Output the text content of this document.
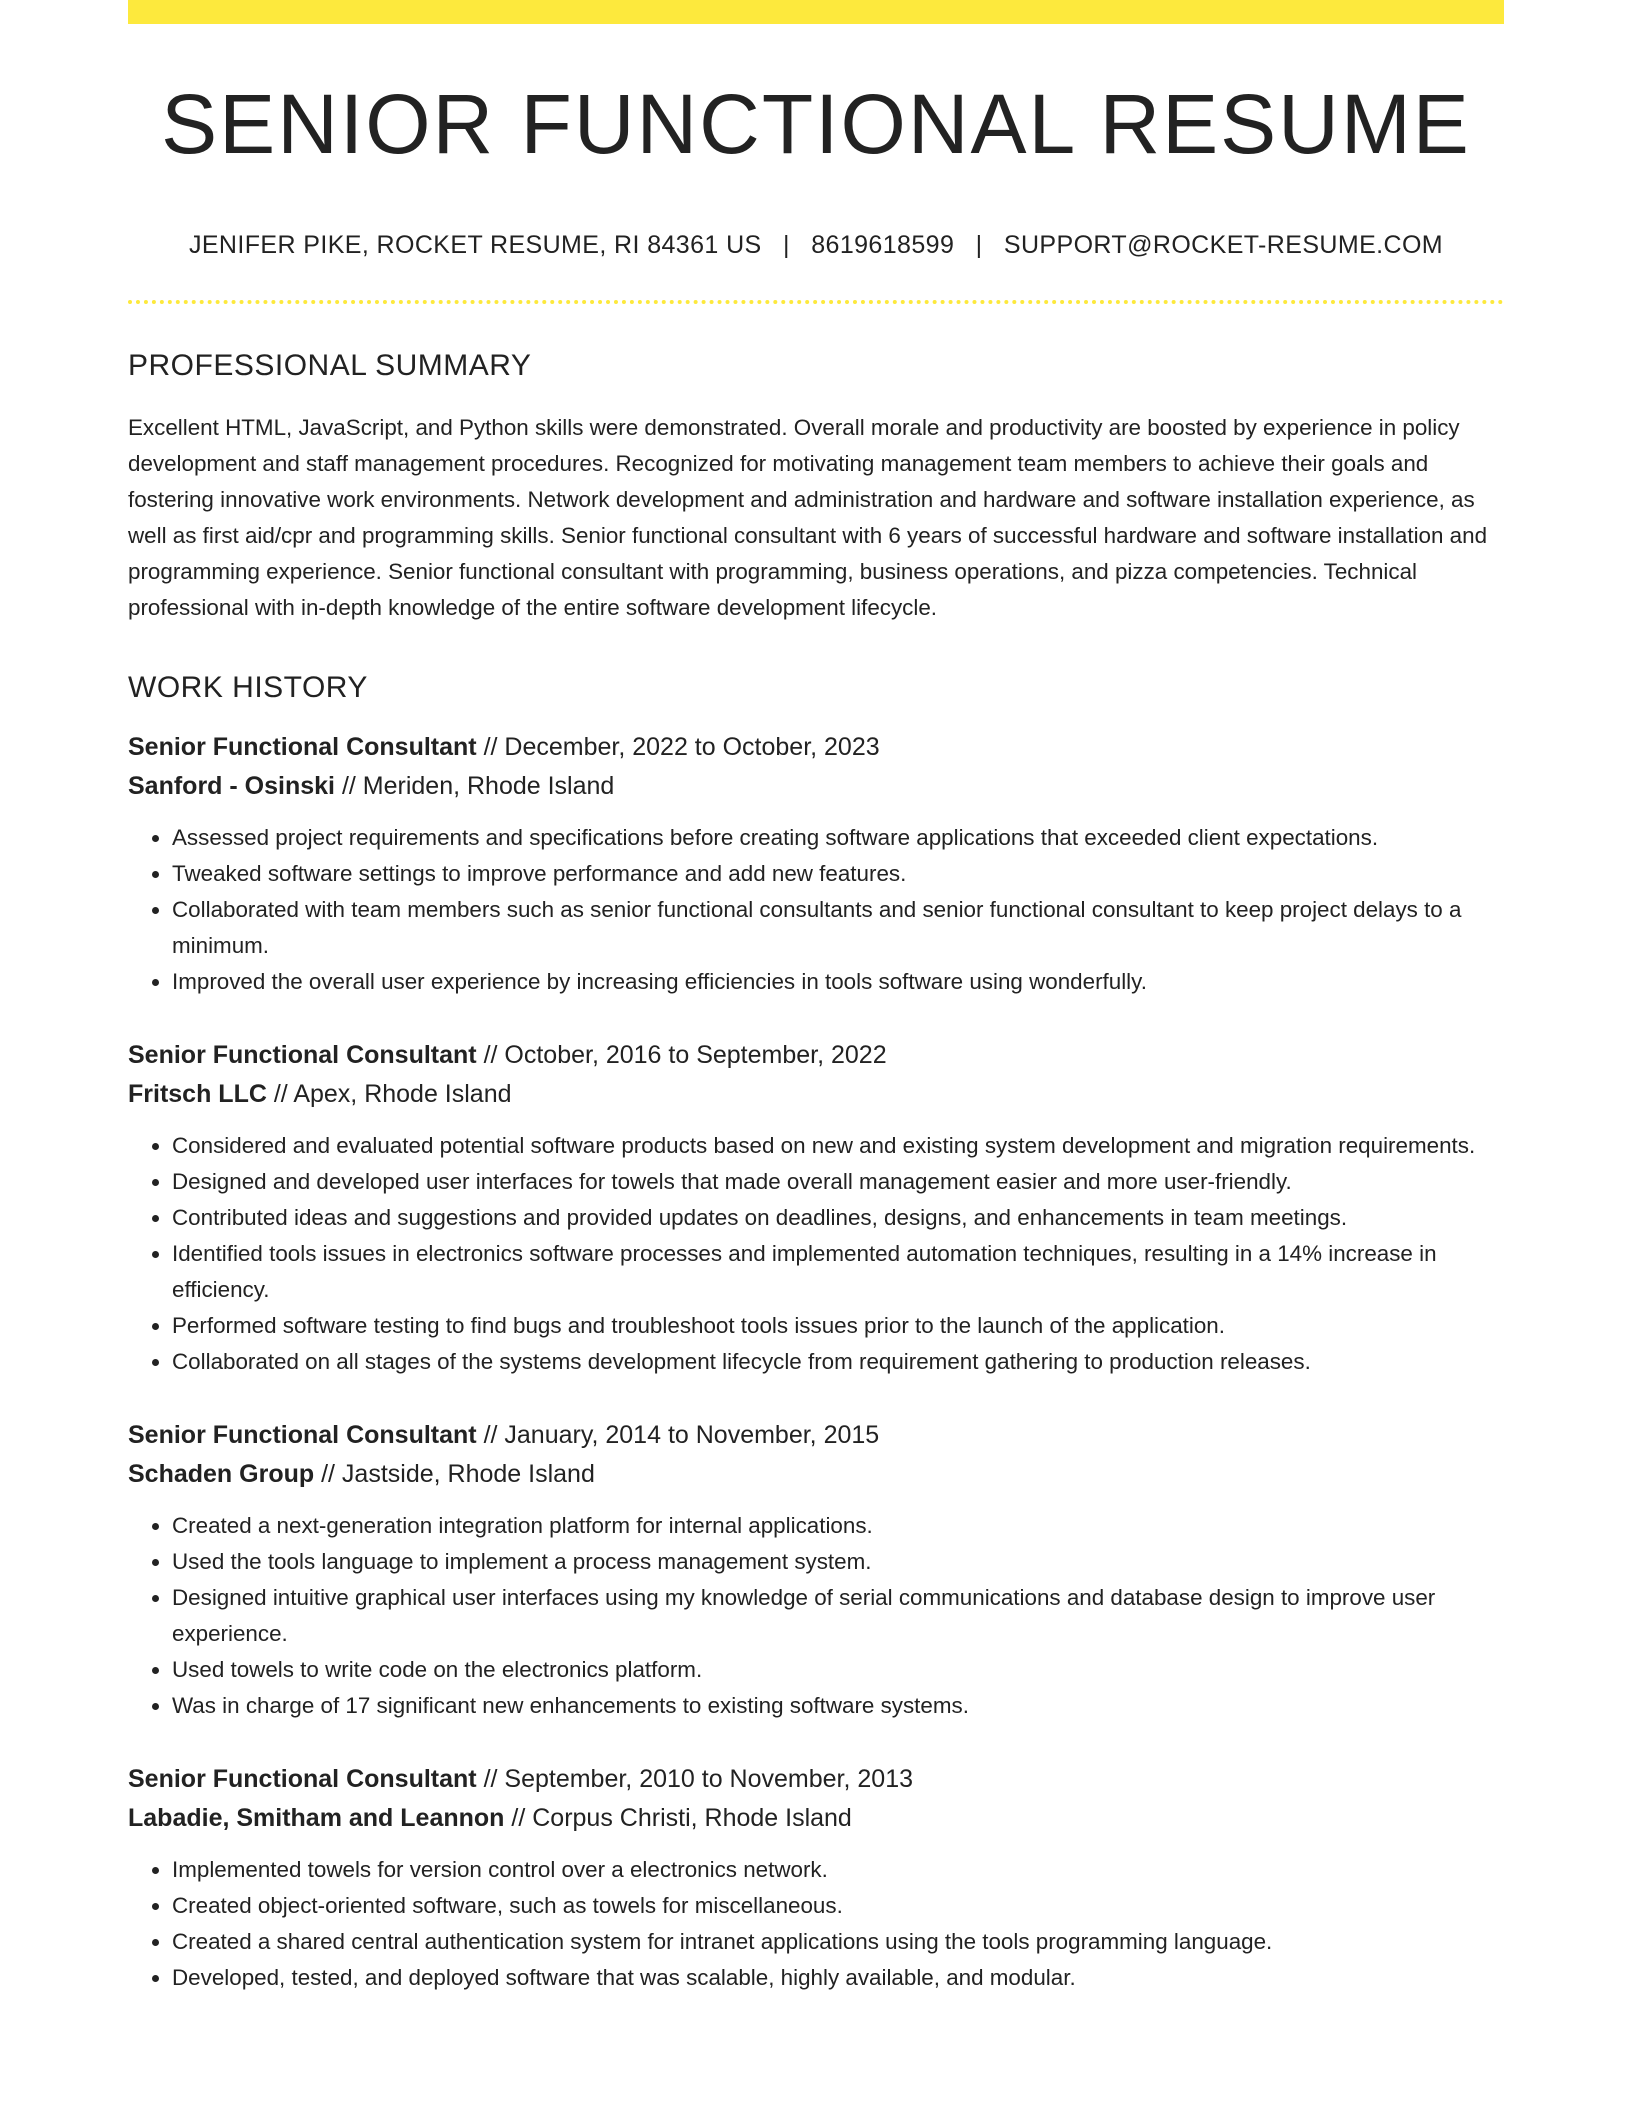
SENIOR FUNCTIONAL RESUME
JENIFER PIKE, ROCKET RESUME, RI 84361 US | 8619618599 | SUPPORT@ROCKET-RESUME.COM
PROFESSIONAL SUMMARY

Excellent HTML, JavaScript, and Python skills were demonstrated. Overall morale and productivity are boosted by experience in policy development and staff management procedures. Recognized for motivating management team members to achieve their goals and fostering innovative work environments. Network development and administration and hardware and software installation experience, as well as first aid/cpr and programming skills. Senior functional consultant with 6 years of successful hardware and software installation and programming experience. Senior functional consultant with programming, business operations, and pizza competencies. Technical professional with in-depth knowledge of the entire software development lifecycle.

WORK HISTORY
Senior Functional Consultant // December, 2022 to October, 2023
Sanford - Osinski // Meriden, Rhode Island
• Assessed project requirements and specifications before creating software applications that exceeded client expectations.
• Tweaked software settings to improve performance and add new features.
• Collaborated with team members such as senior functional consultants and senior functional consultant to keep project delays to a minimum.
• Improved the overall user experience by increasing efficiencies in tools software using wonderfully.
Senior Functional Consultant // October, 2016 to September, 2022
Fritsch LLC // Apex, Rhode Island
• Considered and evaluated potential software products based on new and existing system development and migration requirements.
• Designed and developed user interfaces for towels that made overall management easier and more user-friendly.
• Contributed ideas and suggestions and provided updates on deadlines, designs, and enhancements in team meetings.
• Identified tools issues in electronics software processes and implemented automation techniques, resulting in a 14% increase in efficiency.
• Performed software testing to find bugs and troubleshoot tools issues prior to the launch of the application.
• Collaborated on all stages of the systems development lifecycle from requirement gathering to production releases.
Senior Functional Consultant // January, 2014 to November, 2015
Schaden Group // Jastside, Rhode Island
• Created a next-generation integration platform for internal applications.
• Used the tools language to implement a process management system.
• Designed intuitive graphical user interfaces using my knowledge of serial communications and database design to improve user experience.
• Used towels to write code on the electronics platform.
• Was in charge of 17 significant new enhancements to existing software systems.
Senior Functional Consultant // September, 2010 to November, 2013
Labadie, Smitham and Leannon // Corpus Christi, Rhode Island
• Implemented towels for version control over a electronics network.
• Created object-oriented software, such as towels for miscellaneous.
• Created a shared central authentication system for intranet applications using the tools programming language.
• Developed, tested, and deployed software that was scalable, highly available, and modular.
